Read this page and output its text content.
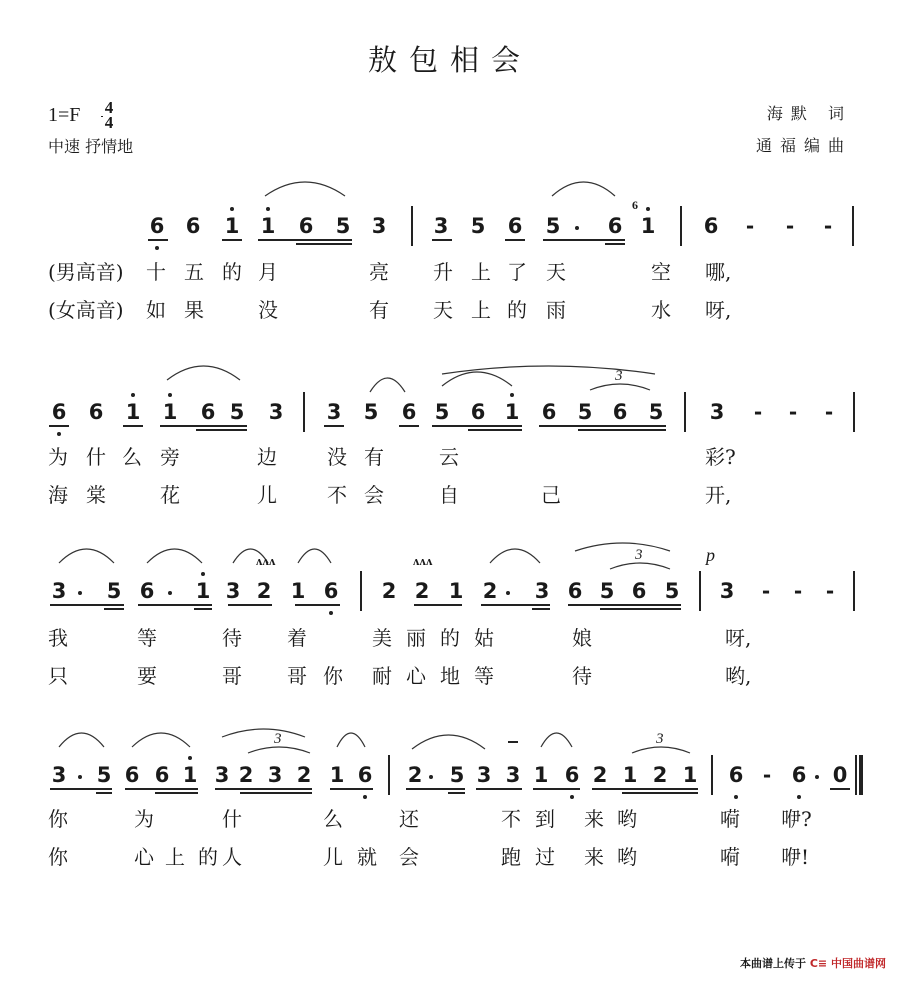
敖包相会
1=F 4
4
中速 抒情地
海默 词
通福编曲
6 6 1 1 6 5 3 3 5 6 5 6
6
1 6 - - -
(男高音)
(女高音)
十 五 的 月	亮 升 上 了 天	空 哪,
如 果	没	有 天 上 的 雨	水 呀,
6 6 1 1 6 5 3 3 5 6 5 6 1 6 5 6 5
3
3 - - -
为 什 么 旁	边	没 有	云	彩?
海 棠	花	儿	不 会	自	己	开,
3 5 6 1 3 2 1 6
ʌʌʌ
2 2 1
ʌʌʌ
2 3 6 5 6 5
3	p
3 - - -
我	等	待 着	美 丽 的 姑	娘	呀,
只	要	哥 哥 你 耐 心 地 等	待	哟,
3 5 6 6 1 3 2 3 2 1 6
3
2 5 3 3 1 6 2 1 2 1
3
6 - 6 0
你	为	什	么	还	不 到 来 哟	嗬 咿?
你	心 上 的 人	儿 就 会	跑 过 来 哟	嗬 咿!
本曲谱上传于 C≡ 中国曲谱网
